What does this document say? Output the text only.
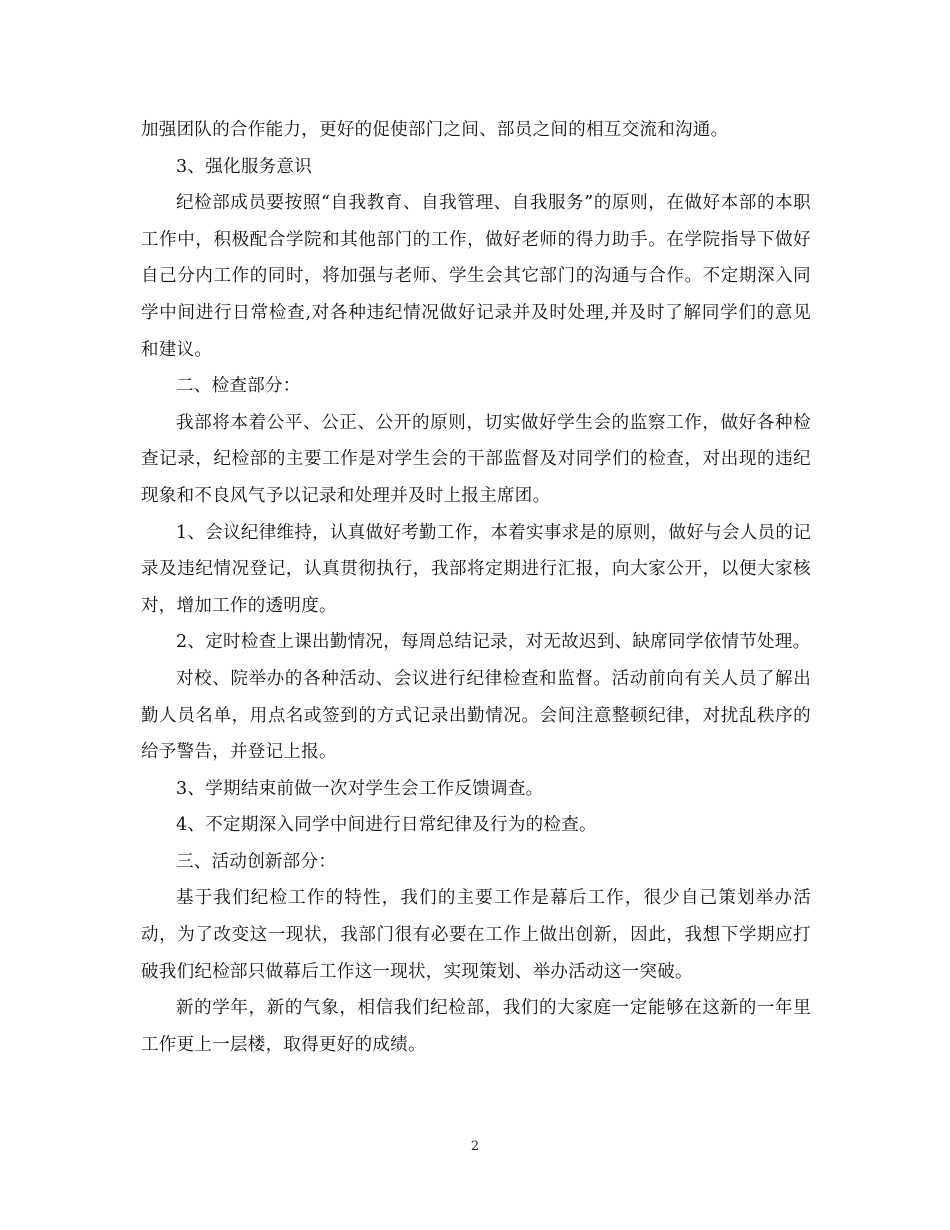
加强团队的合作能力，更好的促使部门之间、部员之间的相互交流和沟通。

3、强化服务意识

纪检部成员要按照“自我教育、自我管理、自我服务”的原则，在做好本部的本职工作中，积极配合学院和其他部门的工作，做好老师的得力助手。在学院指导下做好自己分内工作的同时，将加强与老师、学生会其它部门的沟通与合作。不定期深入同学中间进行日常检查,对各种违纪情况做好记录并及时处理,并及时了解同学们的意见和建议。

二、检查部分：

我部将本着公平、公正、公开的原则，切实做好学生会的监察工作，做好各种检查记录，纪检部的主要工作是对学生会的干部监督及对同学们的检查，对出现的违纪现象和不良风气予以记录和处理并及时上报主席团。

1、会议纪律维持，认真做好考勤工作，本着实事求是的原则，做好与会人员的记录及违纪情况登记，认真贯彻执行，我部将定期进行汇报，向大家公开，以便大家核对，增加工作的透明度。

2、定时检查上课出勤情况，每周总结记录，对无故迟到、缺席同学依情节处理。

对校、院举办的各种活动、会议进行纪律检查和监督。活动前向有关人员了解出勤人员名单，用点名或签到的方式记录出勤情况。会间注意整顿纪律，对扰乱秩序的给予警告，并登记上报。

3、学期结束前做一次对学生会工作反馈调查。

4、不定期深入同学中间进行日常纪律及行为的检查。

三、活动创新部分：

基于我们纪检工作的特性，我们的主要工作是幕后工作，很少自己策划举办活动，为了改变这一现状，我部门很有必要在工作上做出创新，因此，我想下学期应打破我们纪检部只做幕后工作这一现状，实现策划、举办活动这一突破。

新的学年，新的气象，相信我们纪检部，我们的大家庭一定能够在这新的一年里工作更上一层楼，取得更好的成绩。

2
